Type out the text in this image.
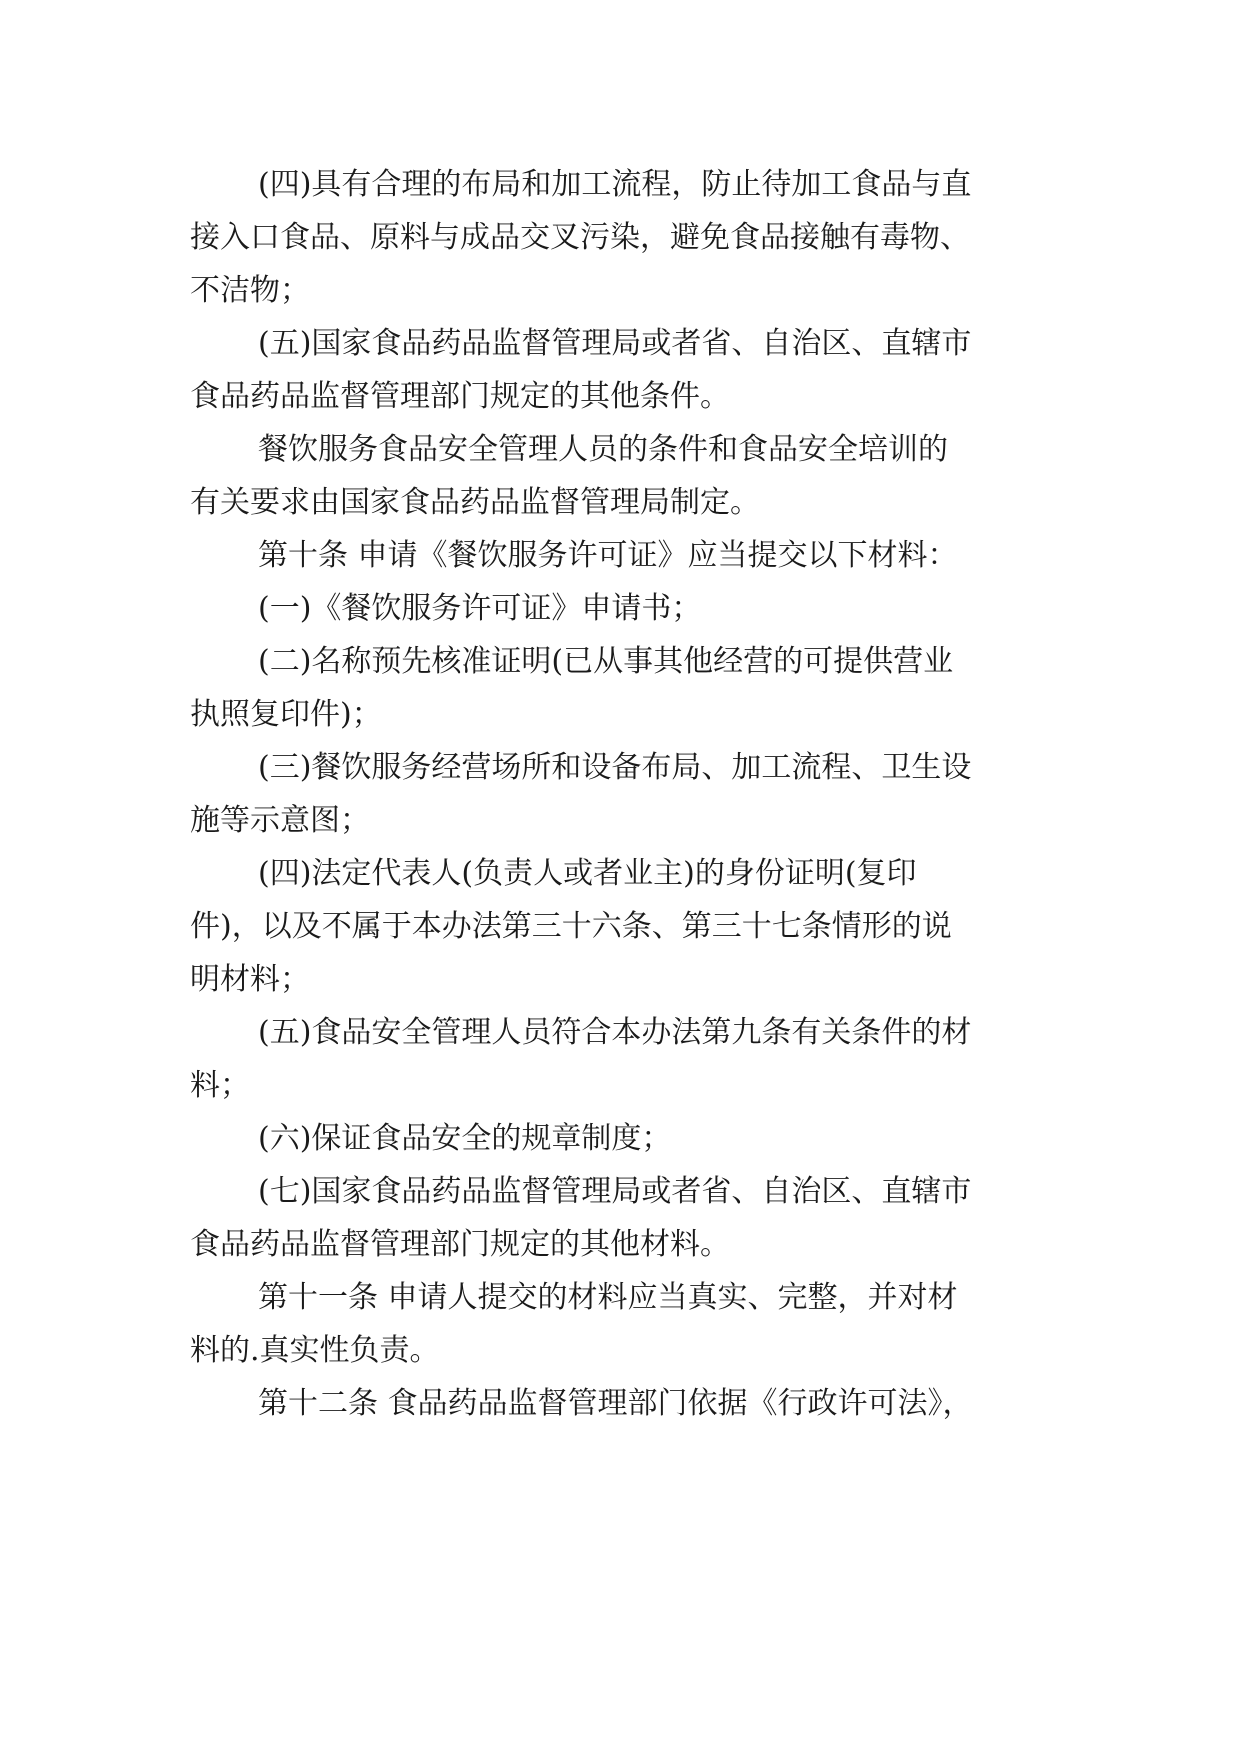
(四)具有合理的布局和加工流程，防止待加工食品与直
接入口食品、原料与成品交叉污染，避免食品接触有毒物、
不洁物；
(五)国家食品药品监督管理局或者省、自治区、直辖市
食品药品监督管理部门规定的其他条件。
餐饮服务食品安全管理人员的条件和食品安全培训的
有关要求由国家食品药品监督管理局制定。
第十条 申请《餐饮服务许可证》应当提交以下材料：
(一)《餐饮服务许可证》申请书；
(二)名称预先核准证明(已从事其他经营的可提供营业
执照复印件)；
(三)餐饮服务经营场所和设备布局、加工流程、卫生设
施等示意图；
(四)法定代表人(负责人或者业主)的身份证明(复印
件)，以及不属于本办法第三十六条、第三十七条情形的说
明材料；
(五)食品安全管理人员符合本办法第九条有关条件的材
料；
(六)保证食品安全的规章制度；
(七)国家食品药品监督管理局或者省、自治区、直辖市
食品药品监督管理部门规定的其他材料。
第十一条 申请人提交的材料应当真实、完整，并对材
料的.真实性负责。
第十二条 食品药品监督管理部门依据《行政许可法》，
